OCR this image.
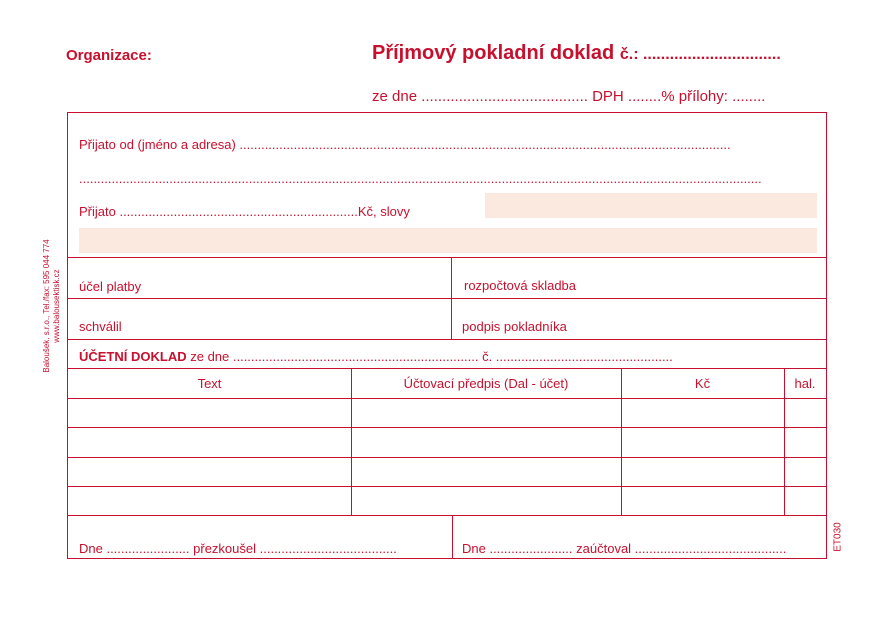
Organizace:	Příjmový pokladní doklad č.: ...............................
ze dne ........................................ DPH ........% přílohy: ........
Baloušek, s.r.o., Tel./fax: 595 044 774 www.balousektisk.cz
ET030
Přijato od (jméno a adresa) ........................................................................................................................................
.............................................................................................................................................................................................
Přijato ..................................................................Kč, slovy
účel platby	rozpočtová skladba
schválil	podpis pokladníka
ÚČETNÍ DOKLAD ze dne .................................................................... č. .................................................
Text	Účtovací předpis (Dal - účet)	Kč	hal.
Dne ....................... přezkoušel ......................................	Dne ....................... zaúčtoval ..........................................
